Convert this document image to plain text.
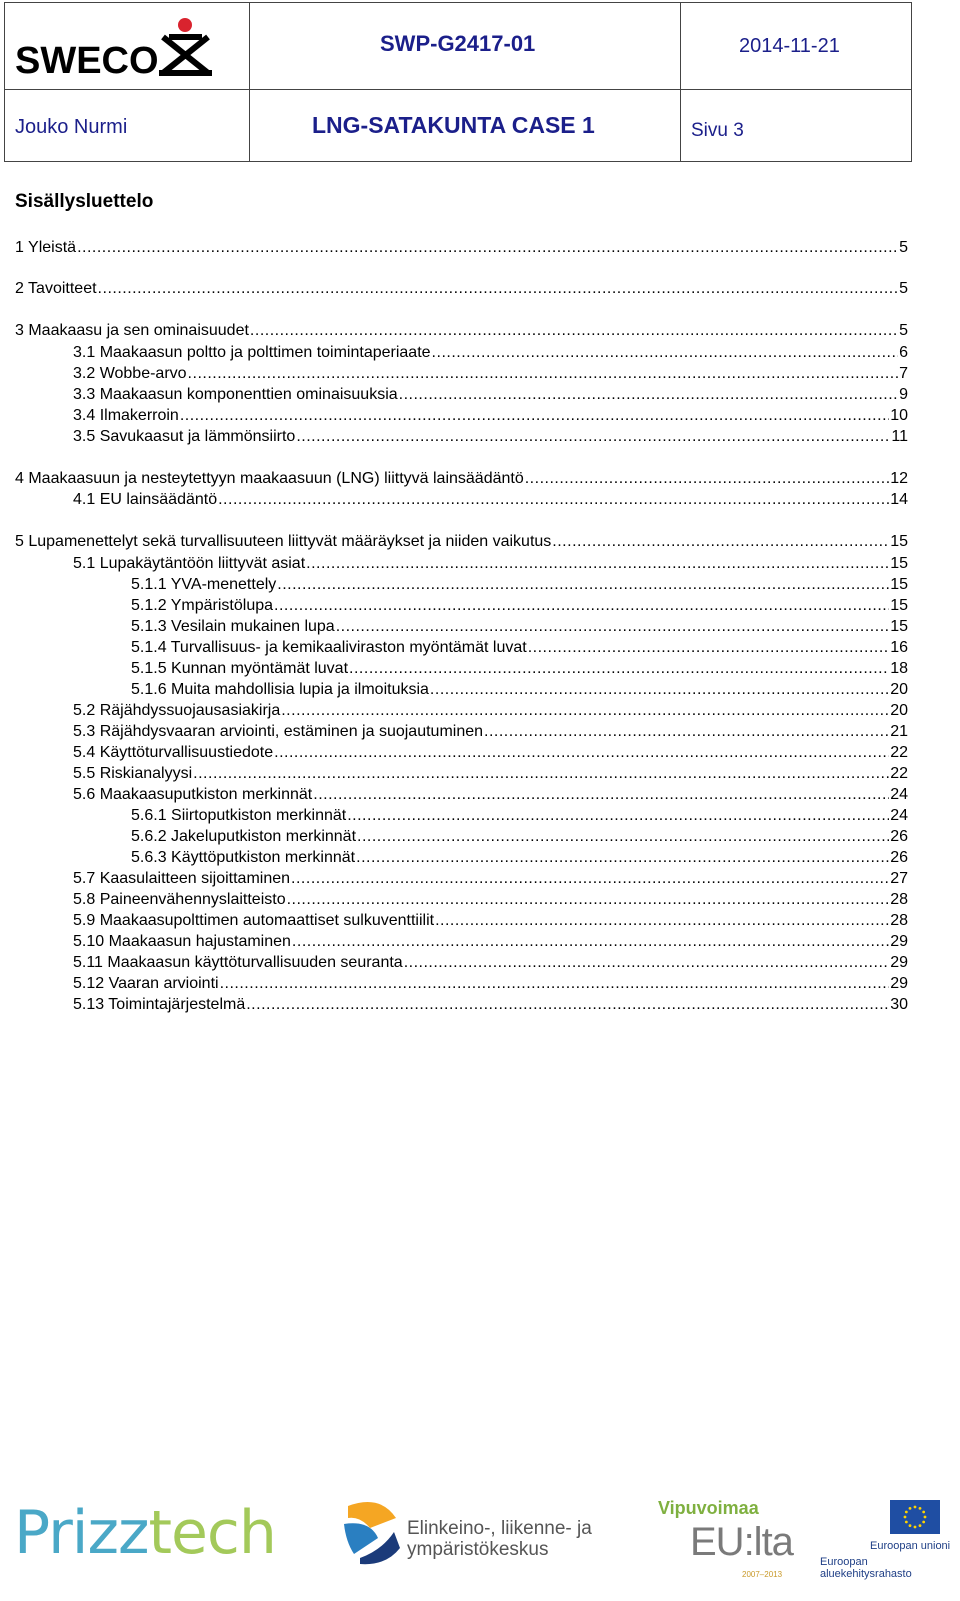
SWECO	SWP-G2417-01	2014-11-21
Jouko Nurmi	LNG-SATAKUNTA CASE 1	Sivu 3
Sisällysluettelo
1 Yleistä .....	5
2 Tavoitteet .....	5
3 Maakaasu ja sen ominaisuudet .....	5
3.1 Maakaasun poltto ja polttimen toimintaperiaate .....	6
3.2 Wobbe-arvo .....	7
3.3 Maakaasun komponenttien ominaisuuksia .....	9
3.4 Ilmakerroin .....	10
3.5 Savukaasut ja lämmönsiirto .....	11
4 Maakaasuun ja nesteytettyyn maakaasuun (LNG) liittyvä lainsäädäntö .....	12
4.1 EU lainsäädäntö .....	14
5 Lupamenettelyt sekä turvallisuuteen liittyvät määräykset ja niiden vaikutus .....	15
5.1 Lupakäytäntöön liittyvät asiat .....	15
5.1.1 YVA-menettely .....	15
5.1.2 Ympäristölupa .....	15
5.1.3 Vesilain mukainen lupa .....	15
5.1.4 Turvallisuus- ja kemikaaliviraston myöntämät luvat .....	16
5.1.5 Kunnan myöntämät luvat .....	18
5.1.6 Muita mahdollisia lupia ja ilmoituksia .....	20
5.2 Räjähdyssuojausasiakirja .....	20
5.3 Räjähdysvaaran arviointi, estäminen ja suojautuminen .....	21
5.4 Käyttöturvallisuustiedote .....	22
5.5 Riskianalyysi .....	22
5.6 Maakaasuputkiston merkinnät .....	24
5.6.1 Siirtoputkiston merkinnät .....	24
5.6.2 Jakeluputkiston merkinnät .....	26
5.6.3 Käyttöputkiston merkinnät .....	26
5.7 Kaasulaitteen sijoittaminen .....	27
5.8 Paineenvähennyslaitteisto .....	28
5.9 Maakaasupolttimen automaattiset sulkuventtiilit .....	28
5.10 Maakaasun hajustaminen .....	29
5.11 Maakaasun käyttöturvallisuuden seuranta .....	29
5.12 Vaaran arviointi .....	29
5.13 Toimintajärjestelmä .....	30
Prizztech	Elinkeino-, liikenne- ja
ympäristökeskus
Vipuvoimaa
EU:lta
2007–2013
Euroopan unioni
Euroopan aluekehitysrahasto
